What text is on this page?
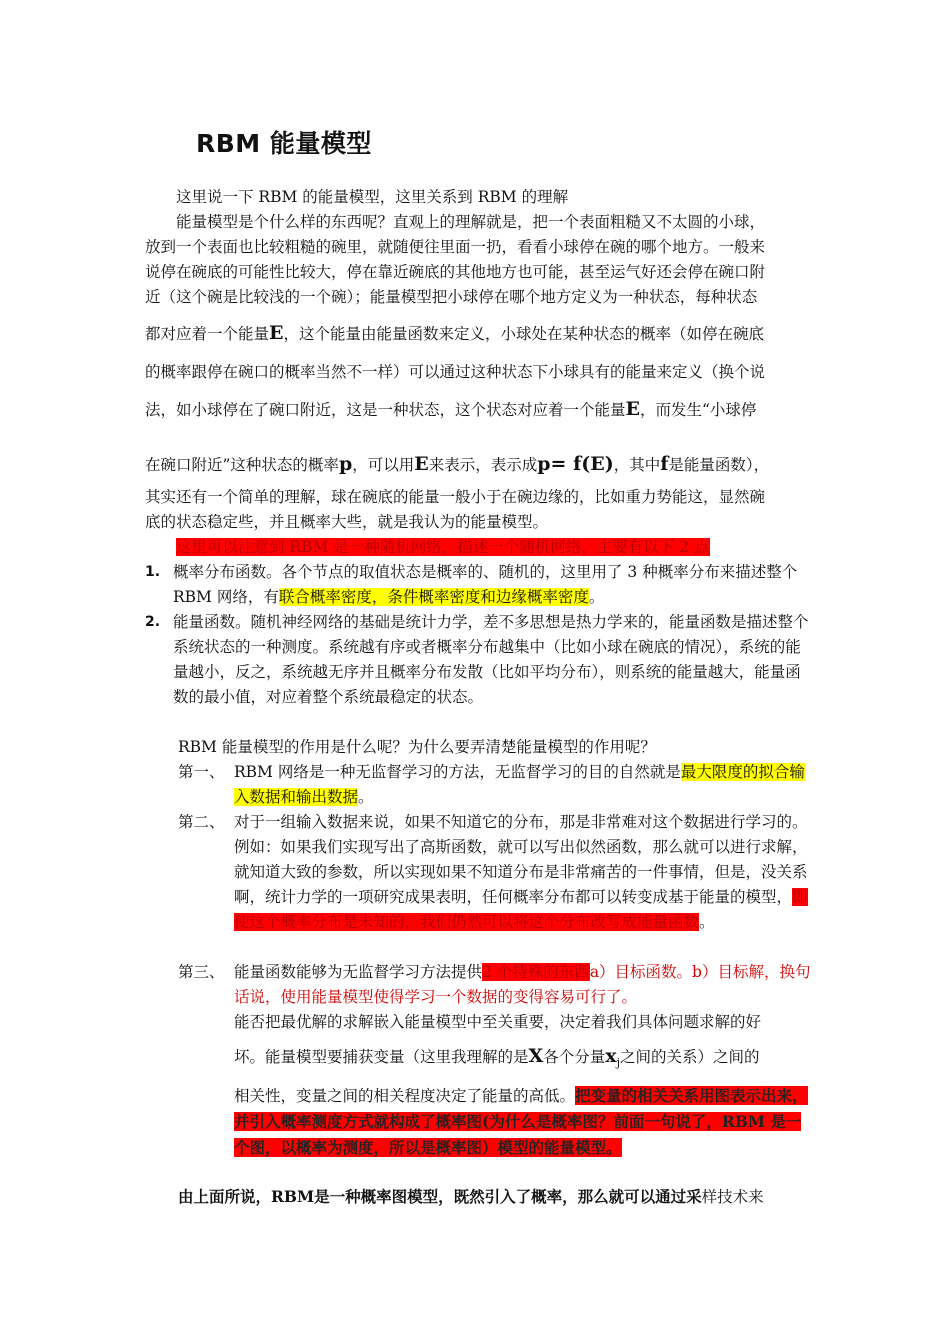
RBM 能量模型
这里说一下 RBM 的能量模型，这里关系到 RBM 的理解
能量模型是个什么样的东西呢？直观上的理解就是，把一个表面粗糙又不太圆的小球，
放到一个表面也比较粗糙的碗里，就随便往里面一扔，看看小球停在碗的哪个地方。一般来
说停在碗底的可能性比较大，停在靠近碗底的其他地方也可能，甚至运气好还会停在碗口附
近（这个碗是比较浅的一个碗）；能量模型把小球停在哪个地方定义为一种状态，每种状态
都对应着一个能量E，这个能量由能量函数来定义，小球处在某种状态的概率（如停在碗底
的概率跟停在碗口的概率当然不一样）可以通过这种状态下小球具有的能量来定义（换个说
法，如小球停在了碗口附近，这是一种状态，这个状态对应着一个能量E，而发生“小球停
在碗口附近”这种状态的概率p，可以用E来表示，表示成p= f(E)，其中f是能量函数），
其实还有一个简单的理解，球在碗底的能量一般小于在碗边缘的，比如重力势能这，显然碗
底的状态稳定些，并且概率大些，就是我认为的能量模型。
这里可以注意到 RBM 是一种随机网络，描述一个随机网络，主要有以下 2 点
1. 概率分布函数。各个节点的取值状态是概率的、随机的，这里用了 3 种概率分布来描述整个 RBM 网络，有联合概率密度，条件概率密度和边缘概率密度。
2. 能量函数。随机神经网络的基础是统计力学，差不多思想是热力学来的，能量函数是描述整个系统状态的一种测度。系统越有序或者概率分布越集中（比如小球在碗底的情况），系统的能量越小，反之，系统越无序并且概率分布发散（比如平均分布），则系统的能量越大，能量函数的最小值，对应着整个系统最稳定的状态。
RBM 能量模型的作用是什么呢？为什么要弄清楚能量模型的作用呢？
第一、 RBM 网络是一种无监督学习的方法，无监督学习的目的自然就是最大限度的拟合输入数据和输出数据。
第二、 对于一组输入数据来说，如果不知道它的分布，那是非常难对这个数据进行学习的。例如：如果我们实现写出了高斯函数，就可以写出似然函数，那么就可以进行求解，就知道大致的参数，所以实现如果不知道分布是非常痛苦的一件事情，但是，没关系啊，统计力学的一项研究成果表明，任何概率分布都可以转变成基于能量的模型，即使这个概率分布是未知的，我们仍然可以将这个分布改写成能量函数。
第三、 能量函数能够为无监督学习方法提供2 个特殊的东西a）目标函数。b）目标解，换句话说，使用能量模型使得学习一个数据的变得容易可行了。
能否把最优解的求解嵌入能量模型中至关重要，决定着我们具体问题求解的好
坏。能量模型要捕获变量（这里我理解的是X各个分量$x_j$之间的关系）之间的
相关性，变量之间的相关程度决定了能量的高低。把变量的相关关系用图表示出来，并引入概率测度方式就构成了概率图(为什么是概率图？前面一句说了，RBM 是一个图，以概率为测度，所以是概率图）模型的能量模型。
由上面所说，RBM是一种概率图模型，既然引入了概率，那么就可以通过采样技术来
